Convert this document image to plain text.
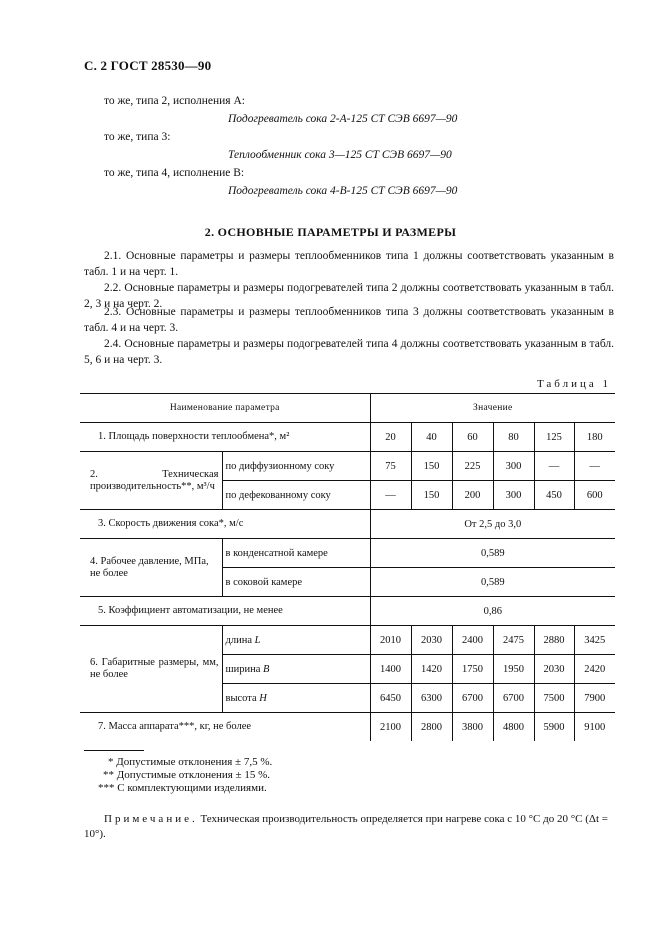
С. 2 ГОСТ 28530—90
то же, типа 2, исполнения А:
Подогреватель сока 2-А-125 СТ СЭВ 6697—90
то же, типа 3:
Теплообменник сока 3—125 СТ СЭВ 6697—90
то же, типа 4, исполнение В:
Подогреватель сока 4-В-125 СТ СЭВ 6697—90
2. ОСНОВНЫЕ ПАРАМЕТРЫ И РАЗМЕРЫ
2.1. Основные параметры и размеры теплообменников типа 1 должны соответствовать указанным в табл. 1 и на черт. 1.
2.2. Основные параметры и размеры подогревателей типа 2 должны соответствовать указанным в табл. 2, 3 и на черт. 2.
2.3. Основные параметры и размеры теплообменников типа 3 должны соответствовать указанным в табл. 4 и на черт. 3.
2.4. Основные параметры и размеры подогревателей типа 4 должны соответствовать указанным в табл. 5, 6 и на черт. 3.
Таблица 1
Наименование параметра		Значение					
1. Площадь поверхности теплообмена*, м²		20	40	60	80	125	180
2. Техническая производительность**, м³/ч	по диффузионному соку	75	150	225	300	—	—
	по дефекованному соку	—	150	200	300	450	600
3. Скорость движения сока*, м/с		От 2,5 до 3,0					
4. Рабочее давление, МПа, не более	в конденсатной камере	0,589					
	в соковой камере	0,589					
5. Коэффициент автоматизации, не менее		0,86					
6. Габаритные размеры, мм, не более	длина L	2010	2030	2400	2475	2880	3425
	ширина B	1400	1420	1750	1950	2030	2420
	высота H	6450	6300	6700	6700	7500	7900
7. Масса аппарата***, кг, не более		2100	2800	3800	4800	5900	9100
* Допустимые отклонения ± 7,5 %.
** Допустимые отклонения ± 15 %.
*** С комплектующими изделиями.
Примечание. Техническая производительность определяется при нагреве сока с 10 °С до 20 °С (Δt = 10°).
